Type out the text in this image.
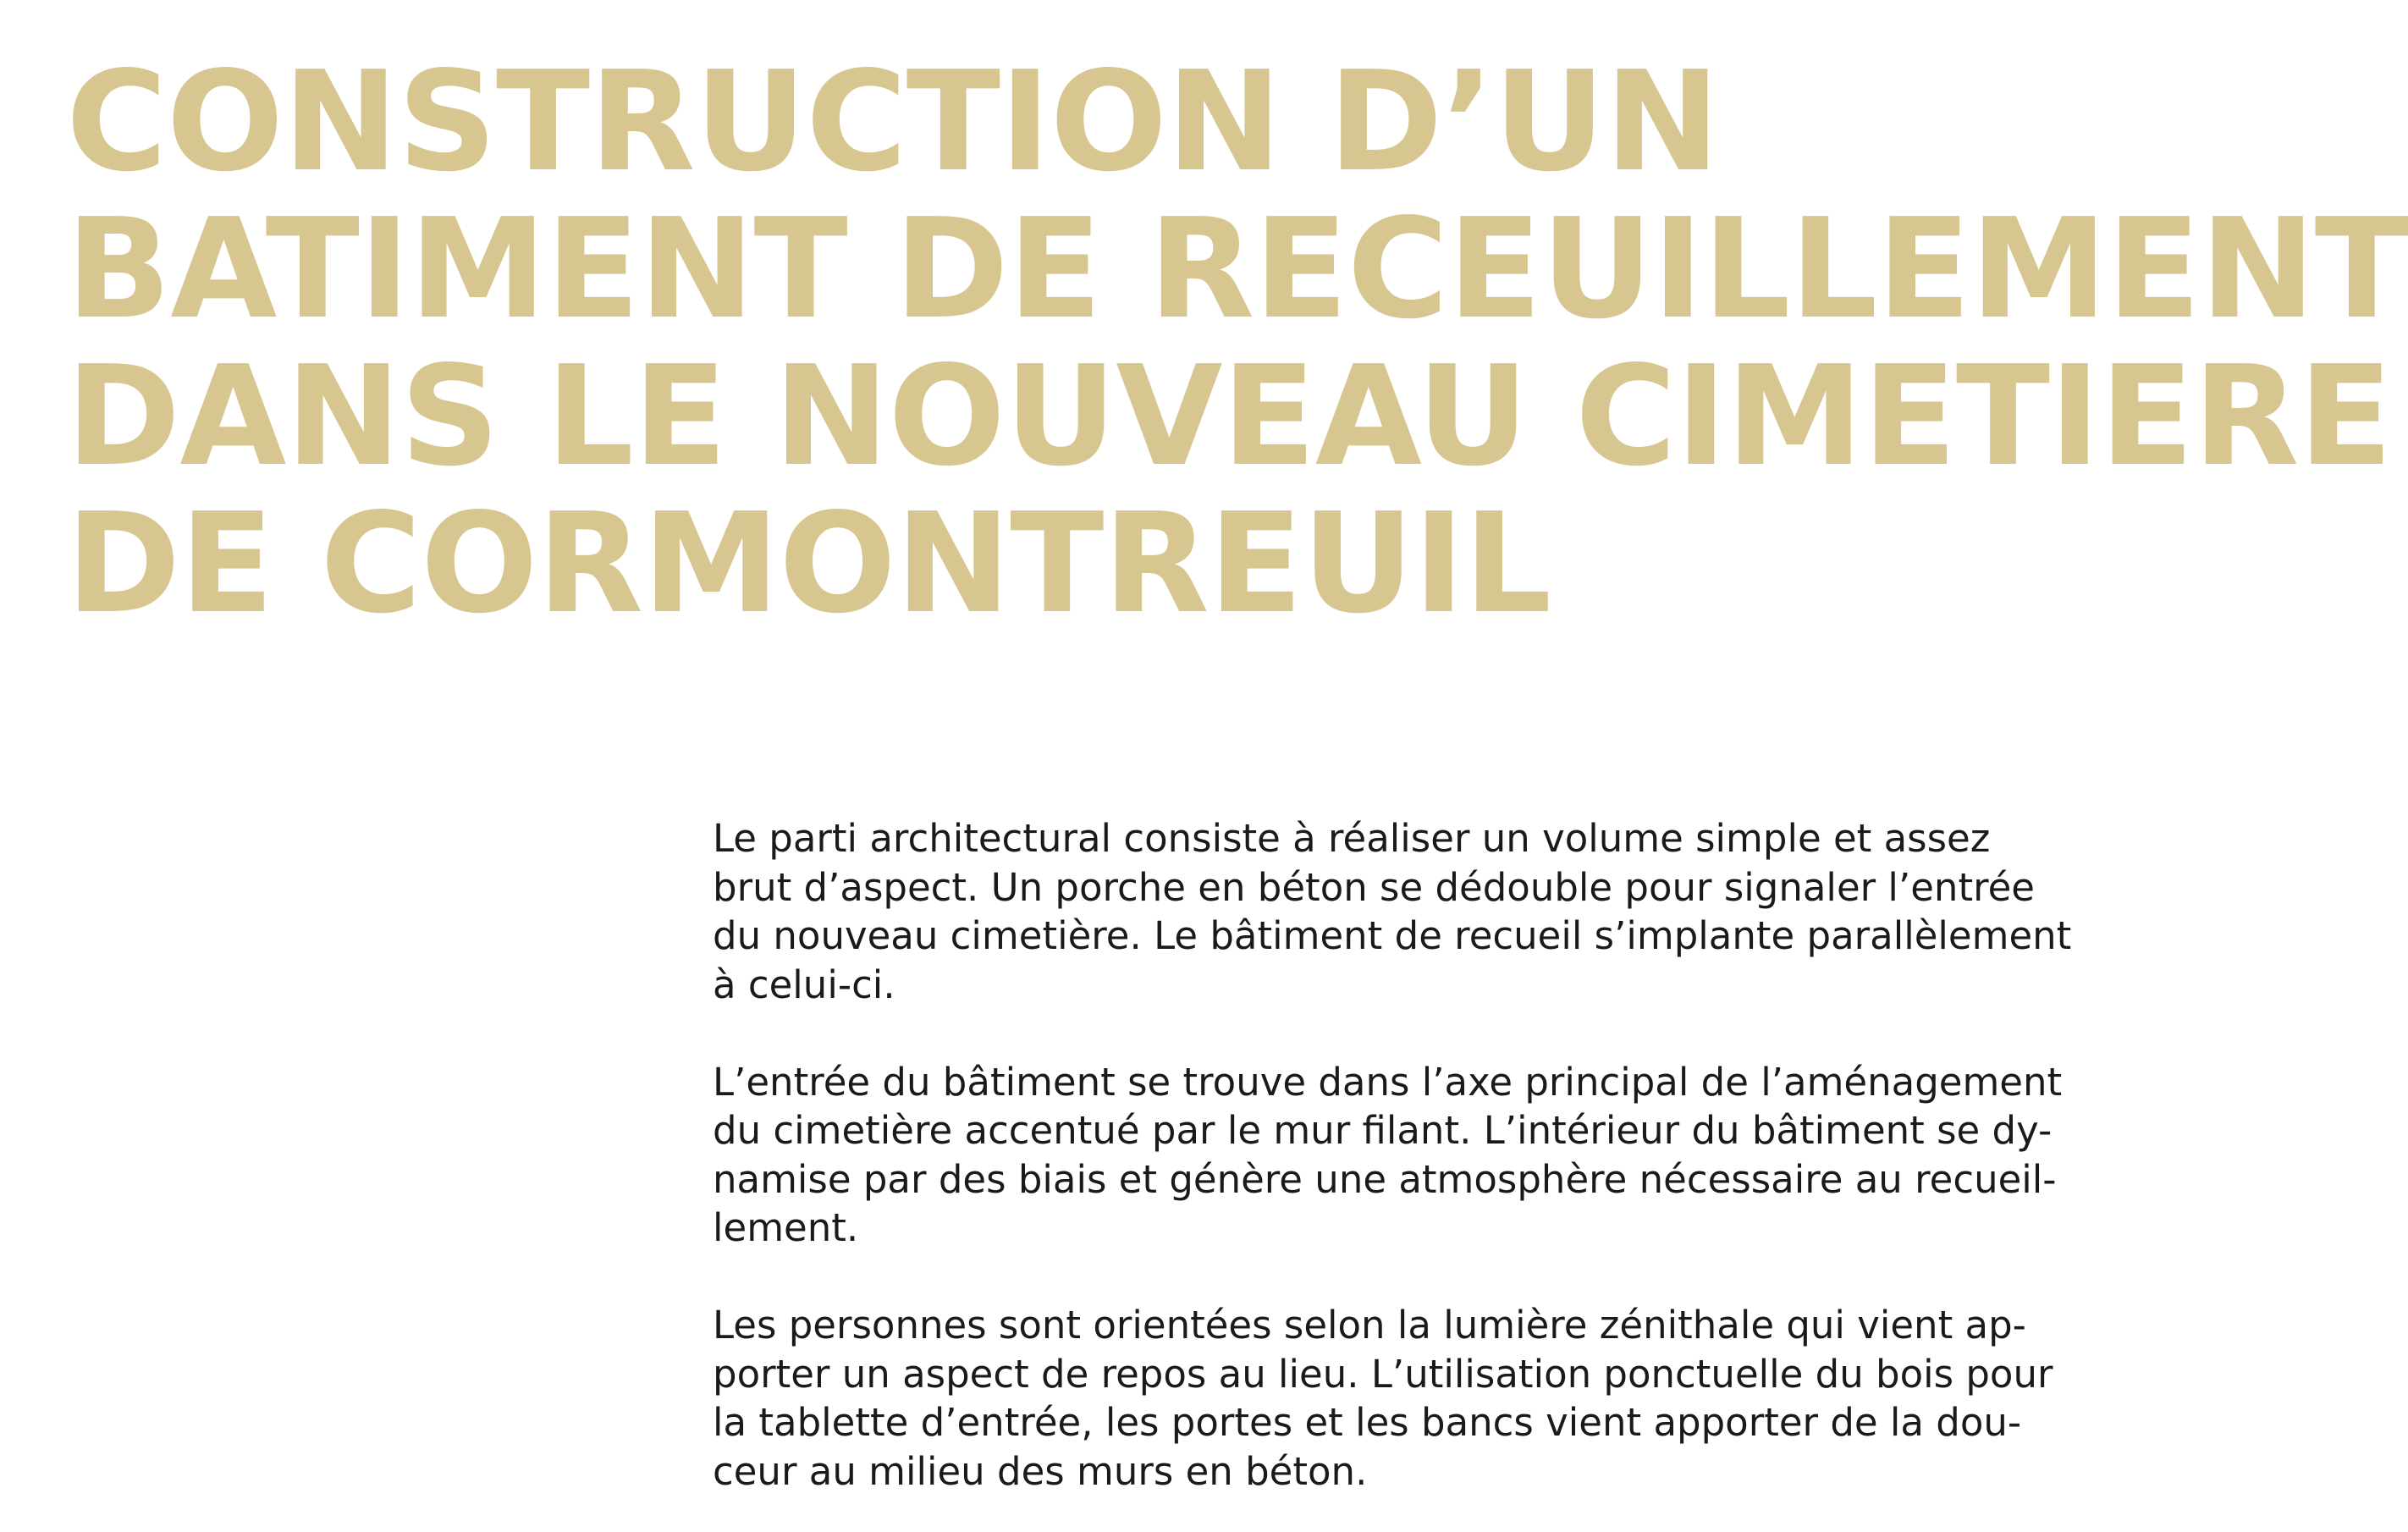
CONSTRUCTION D’UN
BATIMENT DE RECEUILLEMENT
DANS LE NOUVEAU CIMETIERE
DE CORMONTREUIL

Le parti architectural consiste à réaliser un volume simple et assez
brut d’aspect. Un porche en béton se dédouble pour signaler l’entrée
du nouveau cimetière. Le bâtiment de recueil s’implante parallèlement
à celui-ci.

L’entrée du bâtiment se trouve dans l’axe principal de l’aménagement
du cimetière accentué par le mur filant. L’intérieur du bâtiment se dy-
namise par des biais et génère une atmosphère nécessaire au recueil-
lement.

Les personnes sont orientées selon la lumière zénithale qui vient ap-
porter un aspect de repos au lieu. L’utilisation ponctuelle du bois pour
la tablette d’entrée, les portes et les bancs vient apporter de la dou-
ceur au milieu des murs en béton.
